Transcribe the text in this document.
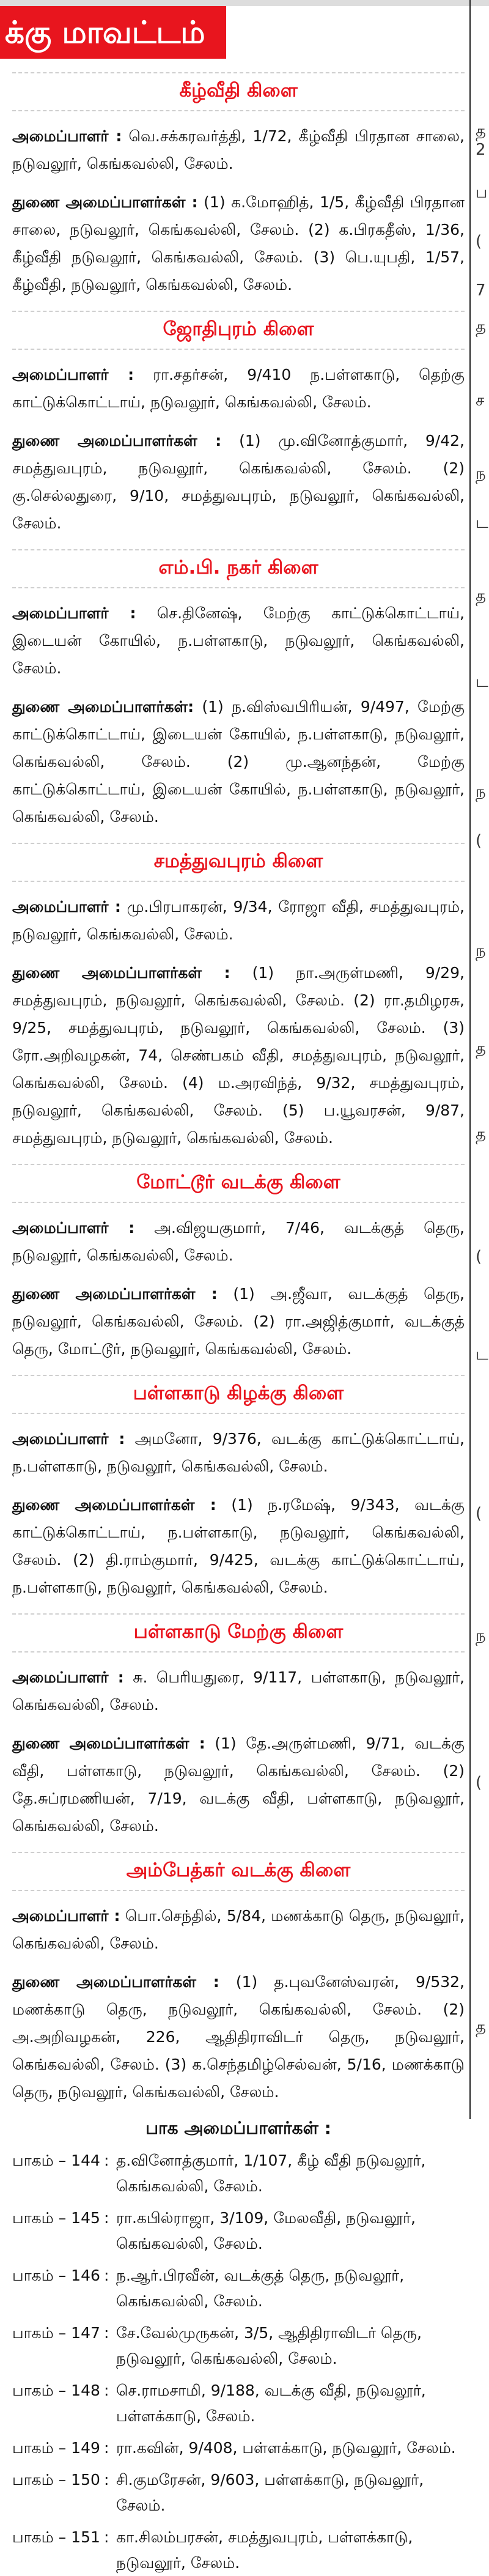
க்கு மாவட்டம்
கீழ்வீதி கிளை

அமைப்பாளர் : வெ.சக்கரவர்த்தி, 1/72, கீழ்வீதி பிரதான சாலை, நடுவலூர், கெங்கவல்லி, சேலம்.

துணை அமைப்பாளர்கள் : (1) க.மோஹித், 1/5, கீழ்வீதி பிரதான சாலை, நடுவலூர், கெங்கவல்லி, சேலம். (2) க.பிரகதீஸ், 1/36, கீழ்வீதி நடுவலூர், கெங்கவல்லி, சேலம். (3) பெ.யுபதி, 1/57, கீழ்வீதி, நடுவலூர், கெங்கவல்லி, சேலம்.

ஜோதிபுரம் கிளை

அமைப்பாளர் : ரா.சதர்சன், 9/410 ந.பள்ளகாடு, தெற்கு காட்டுக்கொட்டாய், நடுவலூர், கெங்கவல்லி, சேலம்.

துணை அமைப்பாளர்கள் : (1) மு.வினோத்குமார், 9/42, சமத்துவபுரம், நடுவலூர், கெங்கவல்லி, சேலம். (2) கு.செல்லதுரை, 9/10, சமத்துவபுரம், நடுவலூர், கெங்கவல்லி, சேலம்.

எம்.பி. நகர் கிளை

அமைப்பாளர் : செ.தினேஷ், மேற்கு காட்டுக்கொட்டாய், இடையன் கோயில், ந.பள்ளகாடு, நடுவலூர், கெங்கவல்லி, சேலம்.

துணை அமைப்பாளர்கள்: (1) ந.விஸ்வபிரியன், 9/497, மேற்கு காட்டுக்கொட்டாய், இடையன் கோயில், ந.பள்ளகாடு, நடுவலூர், கெங்கவல்லி, சேலம். (2) மு.ஆனந்தன், மேற்கு காட்டுக்கொட்டாய், இடையன் கோயில், ந.பள்ளகாடு, நடுவலூர், கெங்கவல்லி, சேலம்.

சமத்துவபுரம் கிளை

அமைப்பாளர் : மு.பிரபாகரன், 9/34, ரோஜா வீதி, சமத்துவபுரம், நடுவலூர், கெங்கவல்லி, சேலம்.

துணை அமைப்பாளர்கள் : (1) நா.அருள்மணி, 9/29, சமத்துவபுரம், நடுவலூர், கெங்கவல்லி, சேலம். (2) ரா.தமிழரசு, 9/25, சமத்துவபுரம், நடுவலூர், கெங்கவல்லி, சேலம். (3) ரோ.அறிவழகன், 74, செண்பகம் வீதி, சமத்துவபுரம், நடுவலூர், கெங்கவல்லி, சேலம். (4) ம.அரவிந்த், 9/32, சமத்துவபுரம், நடுவலூர், கெங்கவல்லி, சேலம். (5) ப.யூவரசன், 9/87, சமத்துவபுரம், நடுவலூர், கெங்கவல்லி, சேலம்.

மோட்டூர் வடக்கு கிளை

அமைப்பாளர் : அ.விஜயகுமார், 7/46, வடக்குத் தெரு, நடுவலூர், கெங்கவல்லி, சேலம்.

துணை அமைப்பாளர்கள் : (1) அ.ஜீவா, வடக்குத் தெரு, நடுவலூர், கெங்கவல்லி, சேலம். (2) ரா.அஜித்குமார், வடக்குத் தெரு, மோட்டூர், நடுவலூர், கெங்கவல்லி, சேலம்.

பள்ளகாடு கிழக்கு கிளை

அமைப்பாளர் : அமனோ, 9/376, வடக்கு காட்டுக்கொட்டாய், ந.பள்ளகாடு, நடுவலூர், கெங்கவல்லி, சேலம்.

துணை அமைப்பாளர்கள் : (1) ந.ரமேஷ், 9/343, வடக்கு காட்டுக்கொட்டாய், ந.பள்ளகாடு, நடுவலூர், கெங்கவல்லி, சேலம். (2) தி.ராம்குமார், 9/425, வடக்கு காட்டுக்கொட்டாய், ந.பள்ளகாடு, நடுவலூர், கெங்கவல்லி, சேலம்.

பள்ளகாடு மேற்கு கிளை

அமைப்பாளர் : சு. பெரியதுரை, 9/117, பள்ளகாடு, நடுவலூர், கெங்கவல்லி, சேலம்.

துணை அமைப்பாளர்கள் : (1) தே.அருள்மணி, 9/71, வடக்கு வீதி, பள்ளகாடு, நடுவலூர், கெங்கவல்லி, சேலம். (2) தே.சுப்ரமணியன், 7/19, வடக்கு வீதி, பள்ளகாடு, நடுவலூர், கெங்கவல்லி, சேலம்.

அம்பேத்கர் வடக்கு கிளை

அமைப்பாளர் : பொ.செந்தில், 5/84, மணக்காடு தெரு, நடுவலூர், கெங்கவல்லி, சேலம்.

துணை அமைப்பாளர்கள் : (1) த.புவனேஸ்வரன், 9/532, மணக்காடு தெரு, நடுவலூர், கெங்கவல்லி, சேலம். (2) அ.அறிவழகன், 226, ஆதிதிராவிடர் தெரு, நடுவலூர், கெங்கவல்லி, சேலம். (3) க.செந்தமிழ்செல்வன், 5/16, மணக்காடு தெரு, நடுவலூர், கெங்கவல்லி, சேலம்.

பாக அமைப்பாளர்கள் :
பாகம் – 144 : த.வினோத்குமார், 1/107, கீழ் வீதி நடுவலூர், கெங்கவல்லி, சேலம்.
பாகம் – 145 : ரா.கபில்ராஜா, 3/109, மேலவீதி, நடுவலூர், கெங்கவல்லி, சேலம்.
பாகம் – 146 : ந.ஆர்.பிரவீன், வடக்குத் தெரு, நடுவலூர், கெங்கவல்லி, சேலம்.
பாகம் – 147 : சே.வேல்முருகன், 3/5, ஆதிதிராவிடர் தெரு, நடுவலூர், கெங்கவல்லி, சேலம்.
பாகம் – 148 : செ.ராமசாமி, 9/188, வடக்கு வீதி, நடுவலூர், பள்ளக்காடு, சேலம்.
பாகம் – 149 : ரா.கவின், 9/408, பள்ளக்காடு, நடுவலூர், சேலம்.
பாகம் – 150 : சி.குமரேசன், 9/603, பள்ளக்காடு, நடுவலூர், சேலம்.
பாகம் – 151 : கா.சிலம்பரசன், சமத்துவபுரம், பள்ளக்காடு, நடுவலூர், சேலம்.
த
2
ப
(
7
த
ச
ந
ட
த
ட
ந
(
ந
த
த
(
ட
(
ந
(
த
